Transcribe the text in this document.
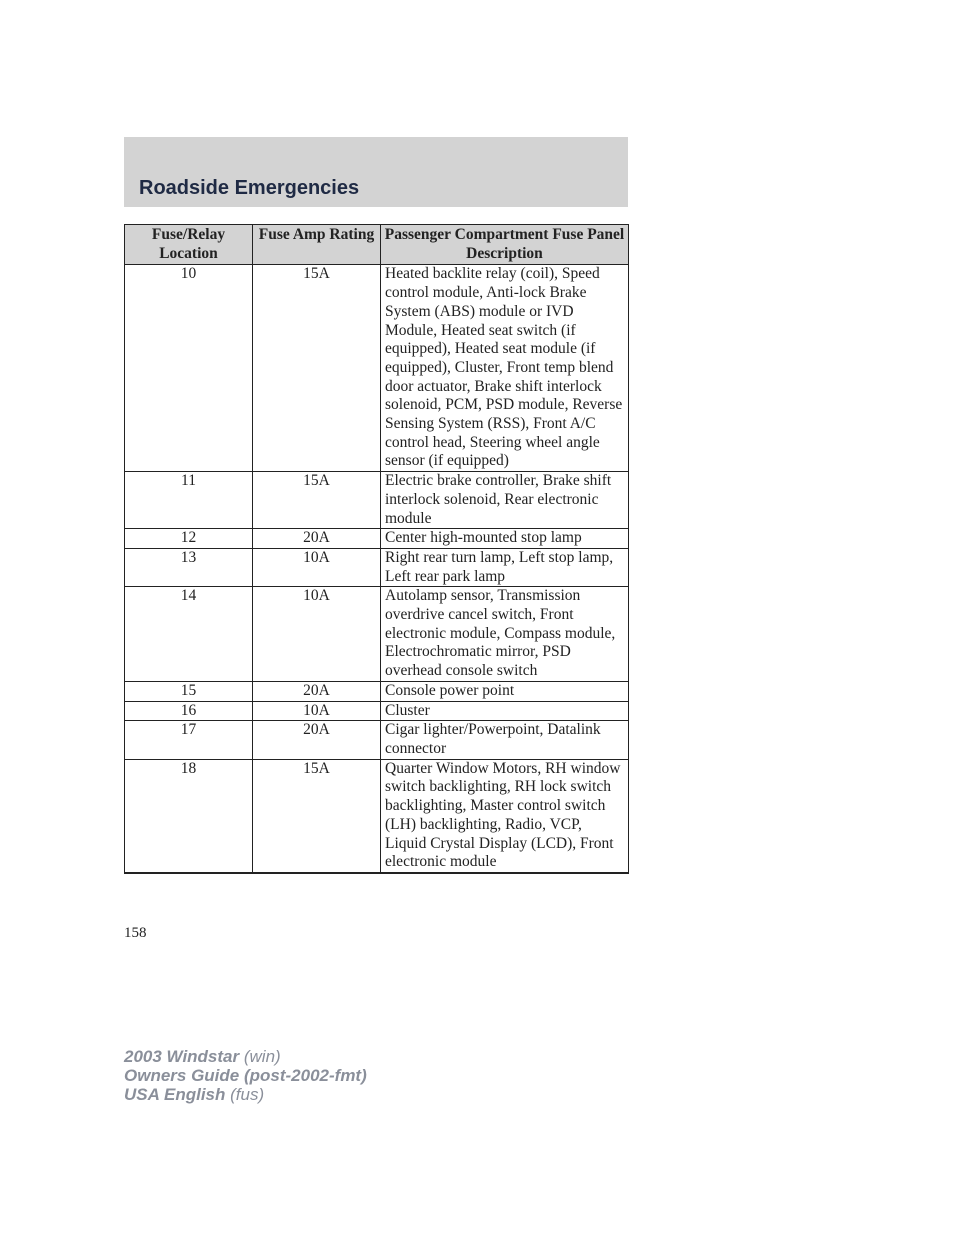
Roadside Emergencies
Fuse/Relay Location	Fuse Amp Rating	Passenger Compartment Fuse Panel Description
10	15A	Heated backlite relay (coil), Speed control module, Anti-lock Brake System (ABS) module or IVD Module, Heated seat switch (if equipped), Heated seat module (if equipped), Cluster, Front temp blend door actuator, Brake shift interlock solenoid, PCM, PSD module, Reverse Sensing System (RSS), Front A/C control head, Steering wheel angle sensor (if equipped)
11	15A	Electric brake controller, Brake shift interlock solenoid, Rear electronic module
12	20A	Center high-mounted stop lamp
13	10A	Right rear turn lamp, Left stop lamp, Left rear park lamp
14	10A	Autolamp sensor, Transmission overdrive cancel switch, Front electronic module, Compass module, Electrochromatic mirror, PSD overhead console switch
15	20A	Console power point
16	10A	Cluster
17	20A	Cigar lighter/Powerpoint, Datalink connector
18	15A	Quarter Window Motors, RH window switch backlighting, RH lock switch backlighting, Master control switch (LH) backlighting, Radio, VCP, Liquid Crystal Display (LCD), Front electronic module

158

2003 Windstar (win)
Owners Guide (post-2002-fmt)
USA English (fus)
